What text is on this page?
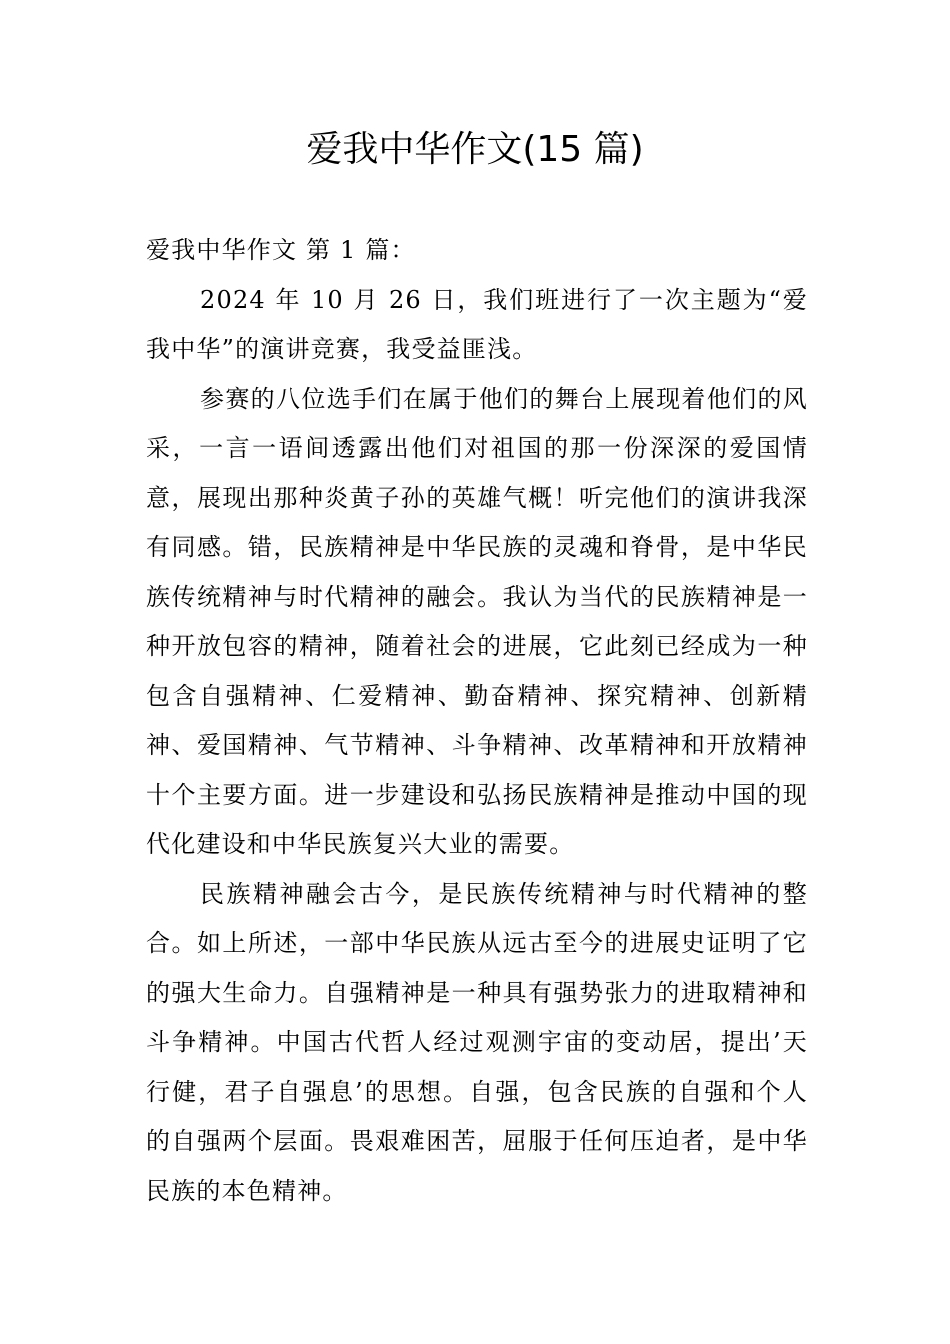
爱我中华作文(15 篇)

爱我中华作文 第 1 篇：

2024 年 10 月 26 日，我们班进行了一次主题为“爱我中华”的演讲竞赛，我受益匪浅。

参赛的八位选手们在属于他们的舞台上展现着他们的风采，一言一语间透露出他们对祖国的那一份深深的爱国情意，展现出那种炎黄子孙的英雄气概！听完他们的演讲我深有同感。错，民族精神是中华民族的灵魂和脊骨，是中华民族传统精神与时代精神的融会。我认为当代的民族精神是一种开放包容的精神，随着社会的进展，它此刻已经成为一种包含自强精神、仁爱精神、勤奋精神、探究精神、创新精神、爱国精神、气节精神、斗争精神、改革精神和开放精神十个主要方面。进一步建设和弘扬民族精神是推动中国的现代化建设和中华民族复兴大业的需要。

民族精神融会古今，是民族传统精神与时代精神的整合。如上所述，一部中华民族从远古至今的进展史证明了它的强大生命力。自强精神是一种具有强势张力的进取精神和斗争精神。中国古代哲人经过观测宇宙的变动居，提出’天行健，君子自强息’的思想。自强，包含民族的自强和个人的自强两个层面。畏艰难困苦，屈服于任何压迫者，是中华民族的本色精神。
